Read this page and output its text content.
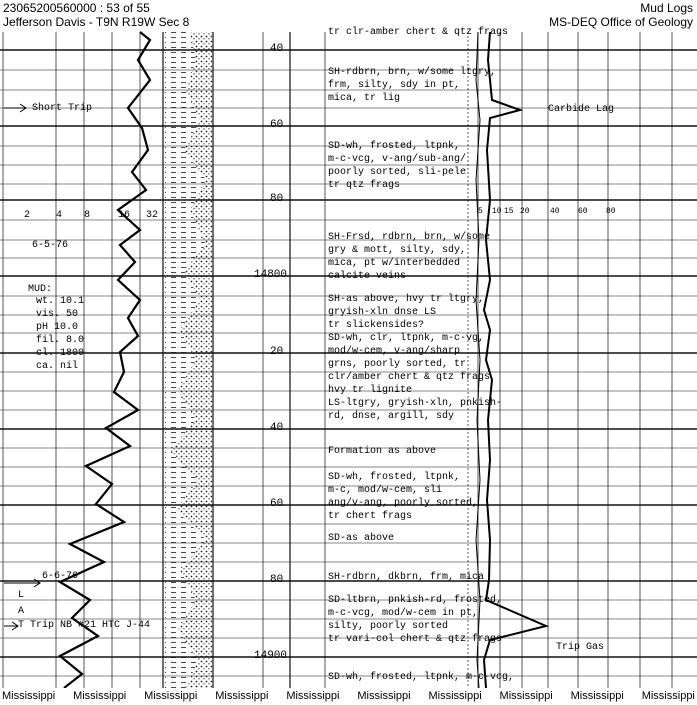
23065200560000 : 53 of 55
Jefferson Davis - T9N R19W Sec 8
Mud Logs
MS-DEQ Office of Geology
40
60
80
14800
20
40
60
80
14900
2	4 8	16 32	5 10 15 20	40 60 80
Short Trip
6-5-76
MUD:
wt. 10.1
vis. 50
pH 10.0
fil. 8.0
cl. 1800
ca. nil
6-6-76
L
A
T Trip NB #21 HTC J-44
Carbide Lag
Trip Gas
tr clr-amber chert & qtz frags
SH-rdbrn, brn, w/some ltgry,
frm, silty, sdy in pt,
mica, tr lig
SD-wh, frosted, ltpnk,
m-c-vcg, v-ang/sub-ang/
poorly sorted, sli-pele
tr qtz frags
SH-Frsd, rdbrn, brn, w/some
gry & mott, silty, sdy,
mica, pt w/interbedded
calcite veins
SH-as above, hvy tr ltgry,
gryish-xln dnse LS
tr slickensides?
SD-wh, clr, ltpnk, m-c-vg,
mod/w-cem, v-ang/sharp
grns, poorly sorted, tr
clr/amber chert & qtz frags
hvy tr lignite
LS-ltgry, gryish-xln, pnkish-
rd, dnse, argill, sdy
Formation as above
SD-wh, frosted, ltpnk,
m-c, mod/w-cem, sli
ang/v-ang, poorly sorted,
tr chert frags
SD-as above
SH-rdbrn, dkbrn, frm, mica
SD-ltbrn, pnkish-rd, frosted,
m-c-vcg, mod/w-cem in pt,
silty, poorly sorted
tr vari-col chert & qtz frags
SD-wh, frosted, ltpnk, m-c-vcg,
Mississippi Mississippi Mississippi Mississippi Mississippi Mississippi Mississippi Mississippi Mississippi Mississippi
